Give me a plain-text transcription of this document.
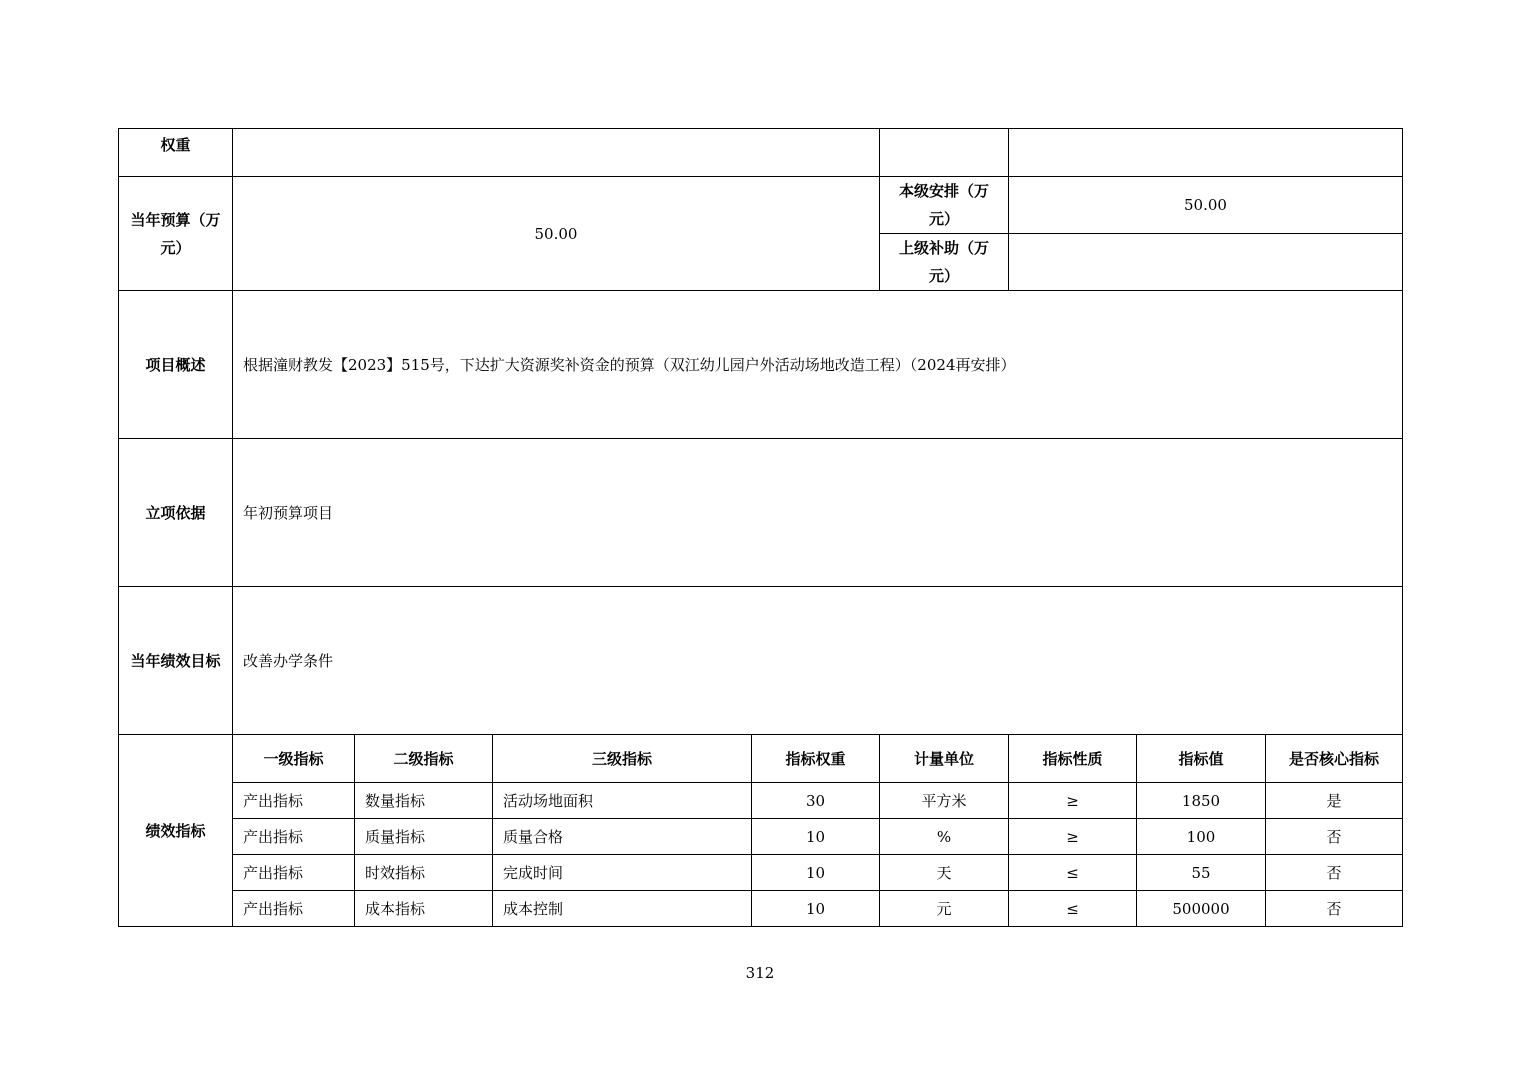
权重								
当年预算（万元）	50.00				本级安排（万元）	50.00		
					上级补助（万元）			
项目概述	根据潼财教发【2023】515号，下达扩大资源奖补资金的预算（双江幼儿园户外活动场地改造工程）（2024再安排）							
立项依据	年初预算项目							
当年绩效目标	改善办学条件							
绩效指标	一级指标	二级指标	三级指标	指标权重	计量单位	指标性质	指标值	是否核心指标
	产出指标	数量指标	活动场地面积	30	平方米	≥	1850	是
	产出指标	质量指标	质量合格	10	%	≥	100	否
	产出指标	时效指标	完成时间	10	天	≤	55	否
	产出指标	成本指标	成本控制	10	元	≤	500000	否
312
